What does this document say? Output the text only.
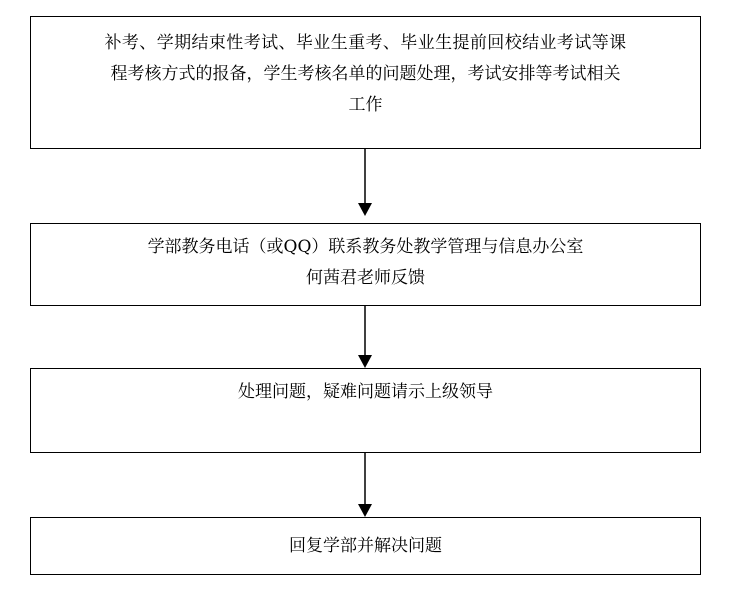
补考、学期结束性考试、毕业生重考、毕业生提前回校结业考试等课
程考核方式的报备，学生考核名单的问题处理，考试安排等考试相关
工作
学部教务电话（或QQ）联系教务处教学管理与信息办公室
何茜君老师反馈
处理问题，疑难问题请示上级领导
回复学部并解决问题
